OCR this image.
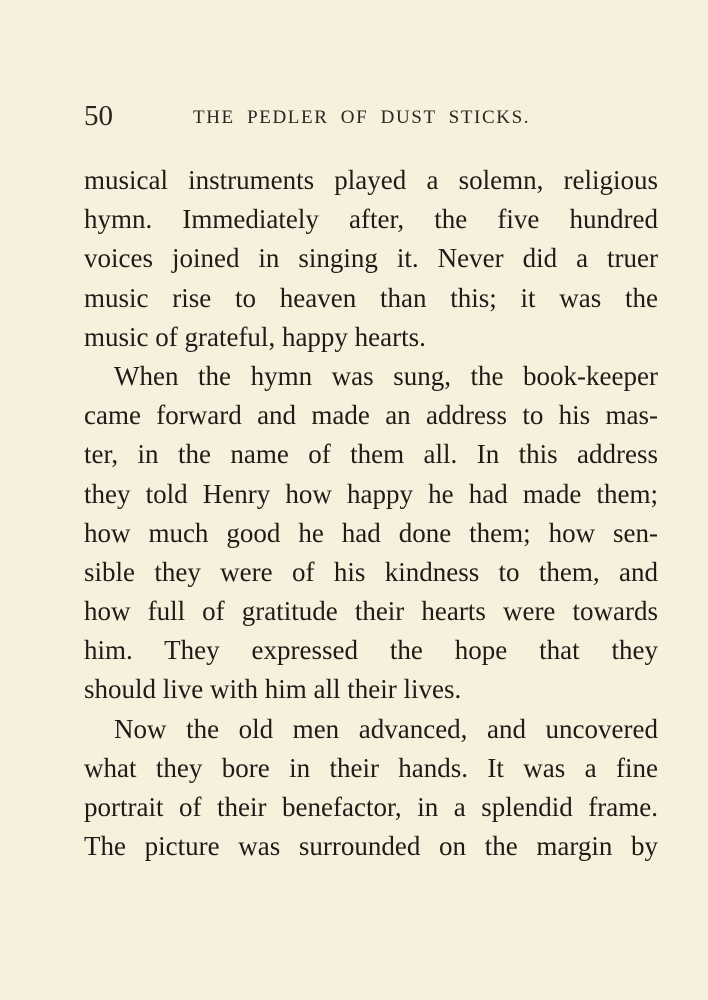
50	THE PEDLER OF DUST STICKS.
musical instruments played a solemn, religious
hymn. Immediately after, the five hundred
voices joined in singing it. Never did a truer
music rise to heaven than this; it was the
music of grateful, happy hearts.
When the hymn was sung, the book-keeper
came forward and made an address to his mas-
ter, in the name of them all. In this address
they told Henry how happy he had made them;
how much good he had done them; how sen-
sible they were of his kindness to them, and
how full of gratitude their hearts were towards
him. They expressed the hope that they
should live with him all their lives.
Now the old men advanced, and uncovered
what they bore in their hands. It was a fine
portrait of their benefactor, in a splendid frame.
The picture was surrounded on the margin by
